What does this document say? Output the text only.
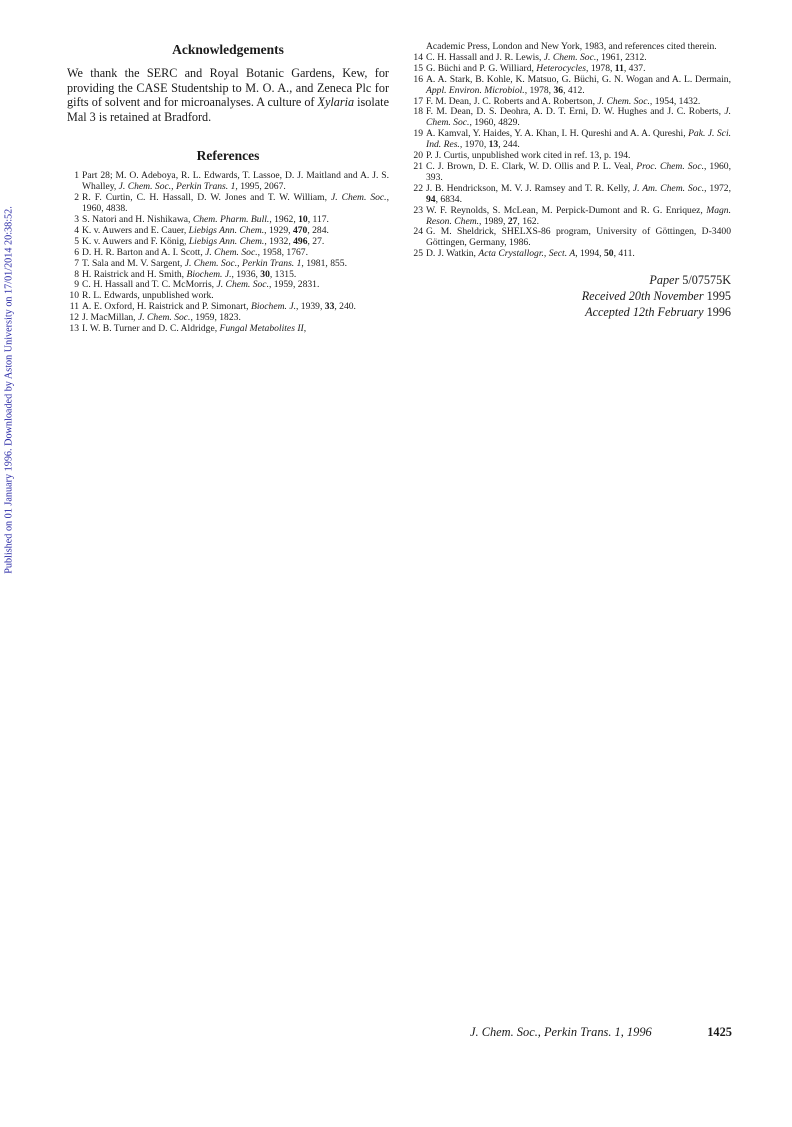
Published on 01 January 1996. Downloaded by Aston University on 17/01/2014 20:38:52.
Acknowledgements

We thank the SERC and Royal Botanic Gardens, Kew, for providing the CASE Studentship to M. O. A., and Zeneca Plc for gifts of solvent and for microanalyses. A culture of Xylaria isolate Mal 3 is retained at Bradford.

References

1 Part 28; M. O. Adeboya, R. L. Edwards, T. Lassoe, D. J. Maitland and A. J. S. Whalley, J. Chem. Soc., Perkin Trans. 1, 1995, 2067.

2 R. F. Curtin, C. H. Hassall, D. W. Jones and T. W. William, J. Chem. Soc., 1960, 4838.

3 S. Natori and H. Nishikawa, Chem. Pharm. Bull., 1962, 10, 117.

4 K. v. Auwers and E. Cauer, Liebigs Ann. Chem., 1929, 470, 284.

5 K. v. Auwers and F. König, Liebigs Ann. Chem., 1932, 496, 27.

6 D. H. R. Barton and A. I. Scott, J. Chem. Soc., 1958, 1767.

7 T. Sala and M. V. Sargent, J. Chem. Soc., Perkin Trans. 1, 1981, 855.

8 H. Raistrick and H. Smith, Biochem. J., 1936, 30, 1315.

9 C. H. Hassall and T. C. McMorris, J. Chem. Soc., 1959, 2831.

10 R. L. Edwards, unpublished work.

11 A. E. Oxford, H. Raistrick and P. Simonart, Biochem. J., 1939, 33, 240.

12 J. MacMillan, J. Chem. Soc., 1959, 1823.

13 I. W. B. Turner and D. C. Aldridge, Fungal Metabolites II,

Academic Press, London and New York, 1983, and references cited therein.

14 C. H. Hassall and J. R. Lewis, J. Chem. Soc., 1961, 2312.

15 G. Büchi and P. G. Williard, Heterocycles, 1978, 11, 437.

16 A. A. Stark, B. Kohle, K. Matsuo, G. Büchi, G. N. Wogan and A. L. Dermain, Appl. Environ. Microbiol., 1978, 36, 412.

17 F. M. Dean, J. C. Roberts and A. Robertson, J. Chem. Soc., 1954, 1432.

18 F. M. Dean, D. S. Deohra, A. D. T. Erni, D. W. Hughes and J. C. Roberts, J. Chem. Soc., 1960, 4829.

19 A. Kamval, Y. Haides, Y. A. Khan, I. H. Qureshi and A. A. Qureshi, Pak. J. Sci. Ind. Res., 1970, 13, 244.

20 P. J. Curtis, unpublished work cited in ref. 13, p. 194.

21 C. J. Brown, D. E. Clark, W. D. Ollis and P. L. Veal, Proc. Chem. Soc., 1960, 393.

22 J. B. Hendrickson, M. V. J. Ramsey and T. R. Kelly, J. Am. Chem. Soc., 1972, 94, 6834.

23 W. F. Reynolds, S. McLean, M. Perpick-Dumont and R. G. Enriquez, Magn. Reson. Chem., 1989, 27, 162.

24 G. M. Sheldrick, SHELXS-86 program, University of Göttingen, D-3400 Göttingen, Germany, 1986.

25 D. J. Watkin, Acta Crystallogr., Sect. A, 1994, 50, 411.

Paper 5/07575K
Received 20th November 1995
Accepted 12th February 1996
J. Chem. Soc., Perkin Trans. 1, 1996	1425
